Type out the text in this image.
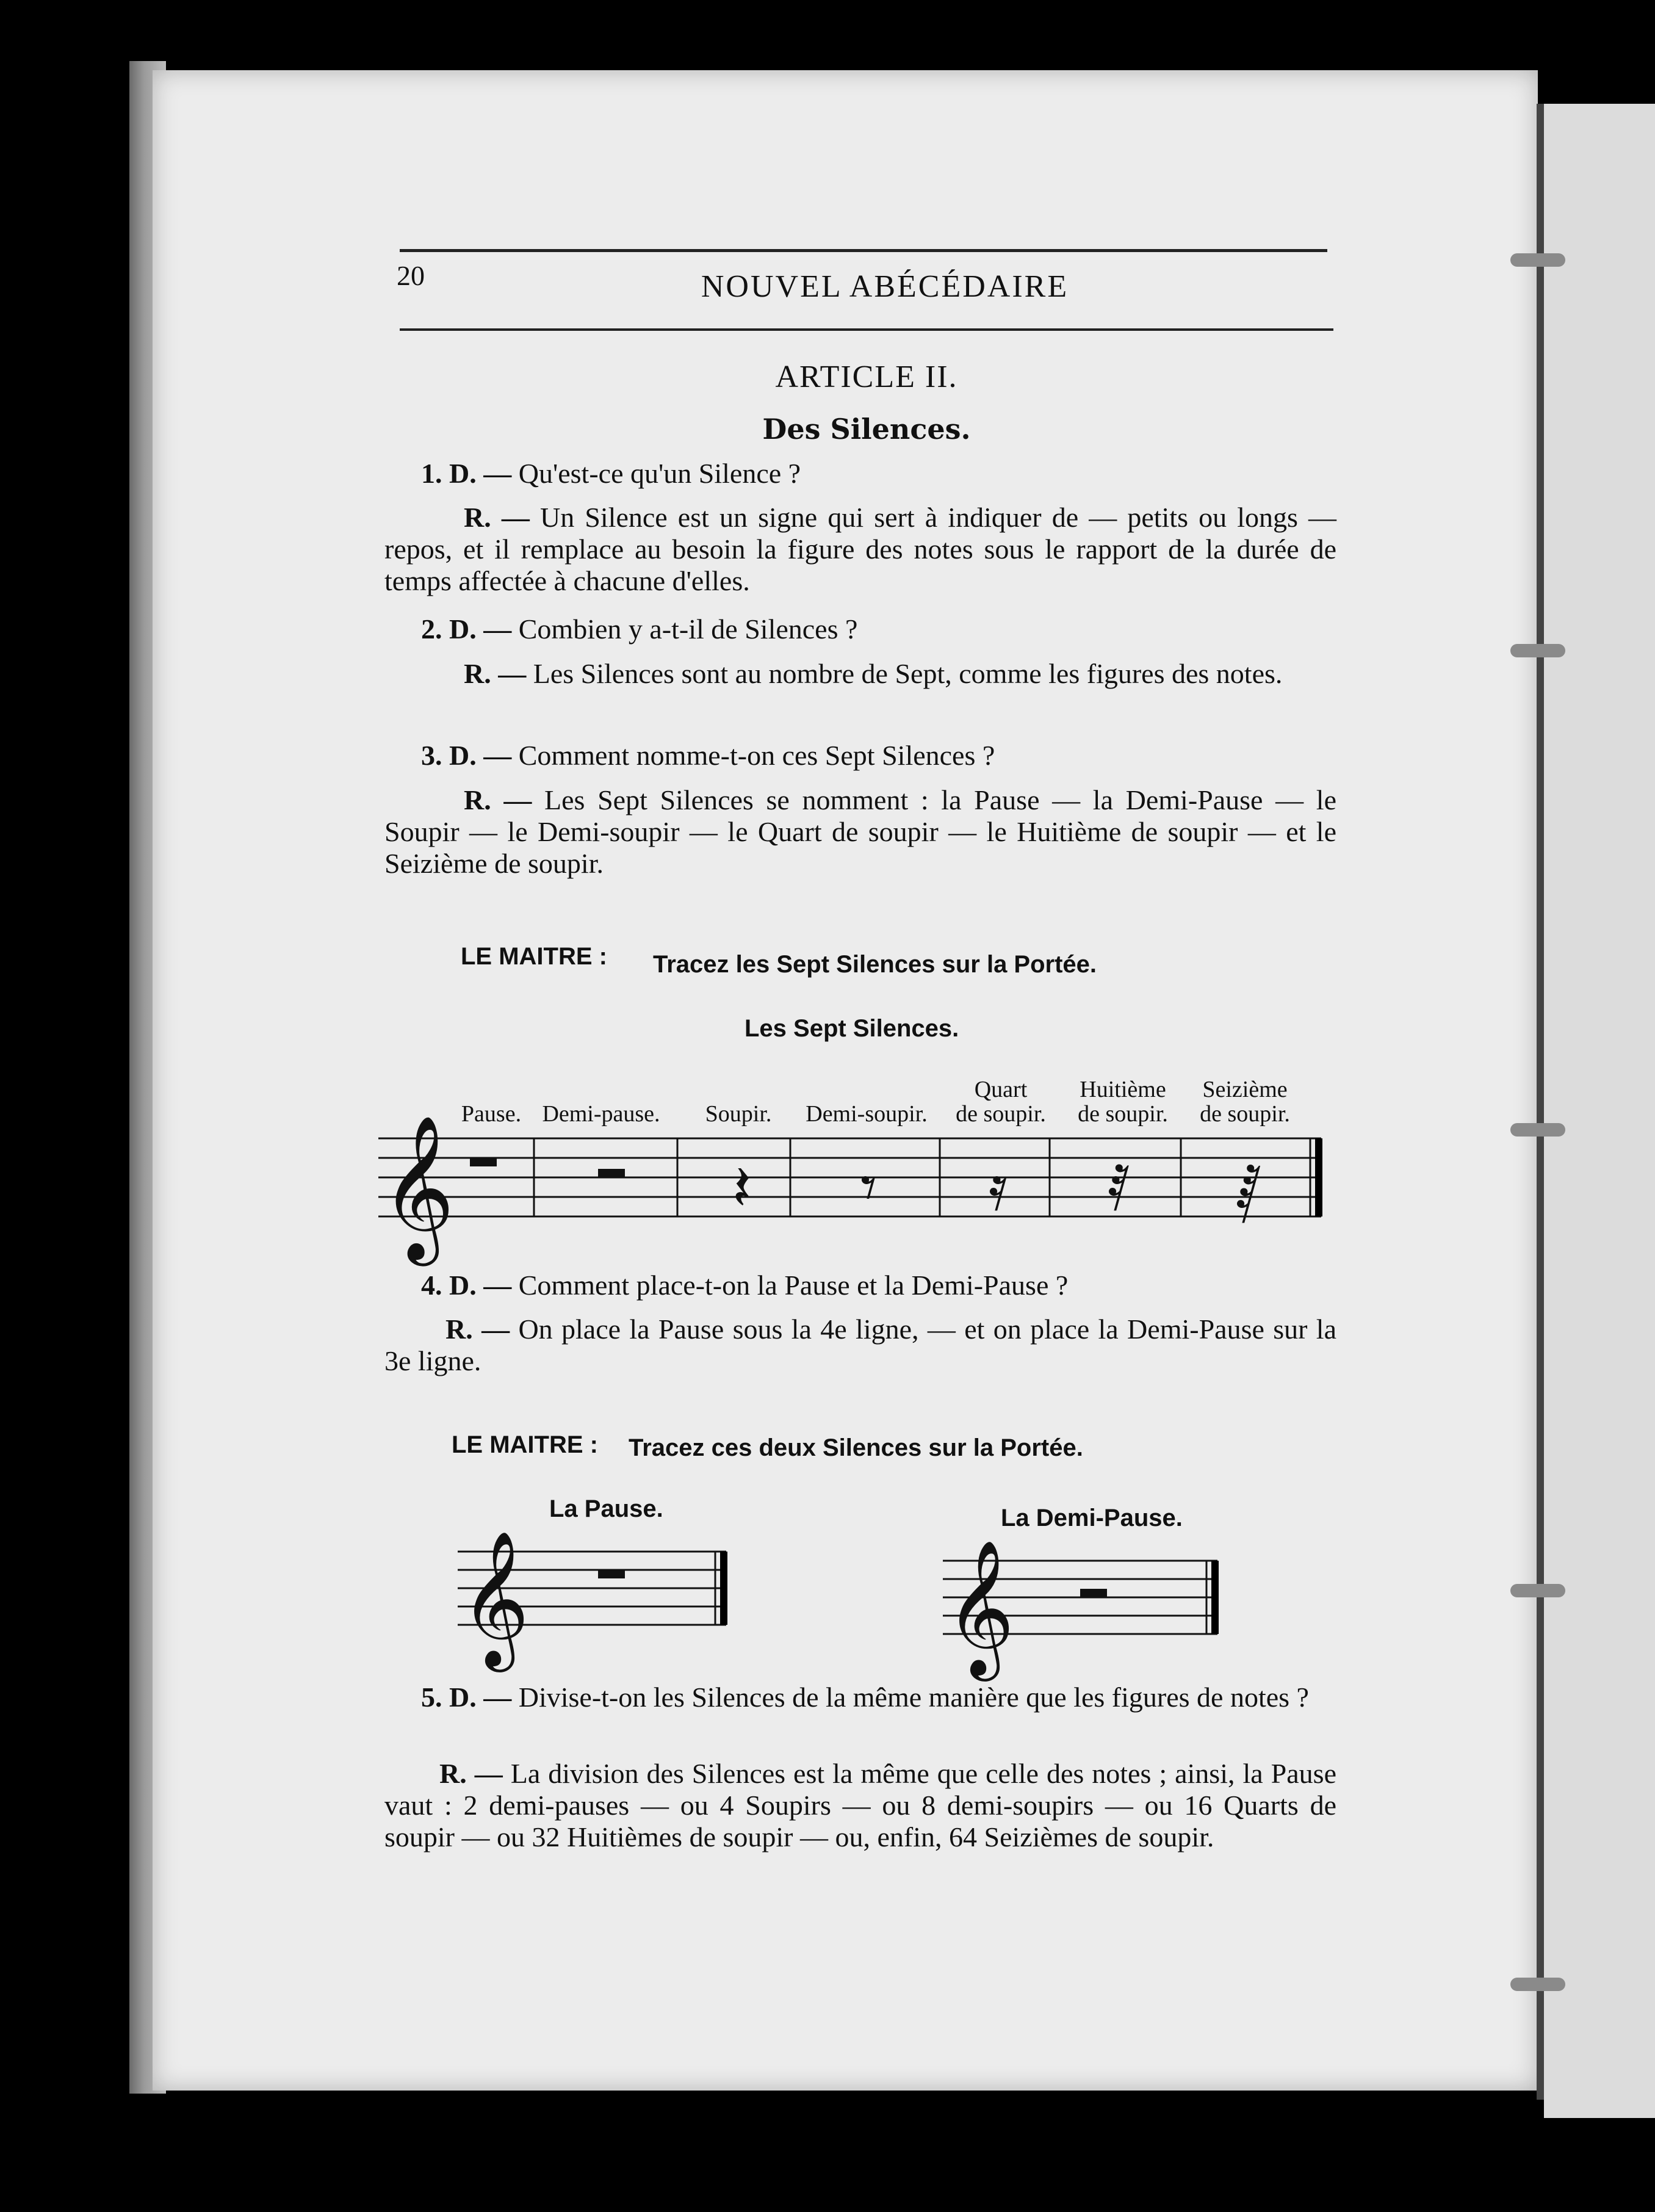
20	NOUVEL ABÉCÉDAIRE
ARTICLE II.
Des Silences.
1. D. — Qu'est-ce qu'un Silence ?
R. — Un Silence est un signe qui sert à indiquer de — petits ou longs — repos, et il remplace au besoin la figure des notes sous le rapport de la durée de temps affectée à chacune d'elles.
2. D. — Combien y a-t-il de Silences ?
R. — Les Silences sont au nombre de Sept, comme les figures des notes.
3. D. — Comment nomme-t-on ces Sept Silences ?
R. — Les Sept Silences se nomment : la Pause — la Demi-Pause — le Soupir — le Demi-soupir — le Quart de soupir — le Huitième de soupir — et le Seizième de soupir.
LE MAITRE : Tracez les Sept Silences sur la Portée.
Les Sept Silences.

Pause.
Demi-pause.
	Soupir.
	Demi-soupir.
Quart
de soupir.
Huitième
de soupir.
Seizième
de soupir.
𝄞	𝄽 𝄾 𝄿 𝅀 𝅁
4. D. — Comment place-t-on la Pause et la Demi-Pause ?
R. — On place la Pause sous la 4e ligne, — et on place la Demi-Pause sur la 3e ligne.
LE MAITRE : Tracez ces deux Silences sur la Portée.
La Pause.	La Demi-Pause.
𝄞	𝄞
5. D. — Divise-t-on les Silences de la même manière que les figures de notes ?
R. — La division des Silences est la même que celle des notes ; ainsi, la Pause vaut : 2 demi-pauses — ou 4 Soupirs — ou 8 demi-soupirs — ou 16 Quarts de soupir — ou 32 Huitièmes de soupir — ou, enfin, 64 Seizièmes de soupir.
